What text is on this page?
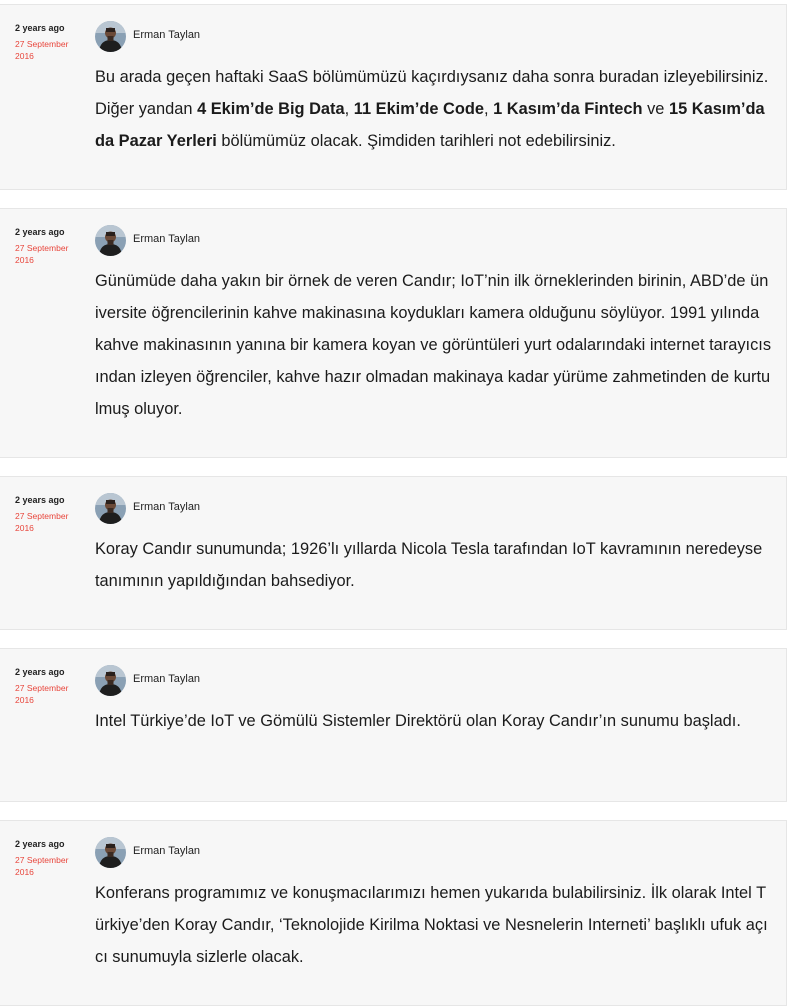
2 years ago
27 September 2016
Erman Taylan
Bu arada geçen haftaki SaaS bölümümüzü kaçırdıysanız daha sonra buradan izleyebilirsiniz. Diğer yandan 4 Ekim’de Big Data, 11 Ekim’de Code, 1 Kasım’da Fintech ve 15 Kasım’da da Pazar Yerleri bölümümüz olacak. Şimdiden tarihleri not edebilirsiniz.
2 years ago
27 September 2016
Erman Taylan
Günümüde daha yakın bir örnek de veren Candır; IoT’nin ilk örneklerinden birinin, ABD’de üniversite öğrencilerinin kahve makinasına koydukları kamera olduğunu söylüyor. 1991 yılında kahve makinasının yanına bir kamera koyan ve görüntüleri yurt odalarındaki internet tarayıcısından izleyen öğrenciler, kahve hazır olmadan makinaya kadar yürüme zahmetinden de kurtulmuş oluyor.
2 years ago
27 September 2016
Erman Taylan
Koray Candır sunumunda; 1926’lı yıllarda Nicola Tesla tarafından IoT kavramının neredeyse tanımının yapıldığından bahsediyor.
2 years ago
27 September 2016
Erman Taylan
Intel Türkiye’de IoT ve Gömülü Sistemler Direktörü olan Koray Candır’ın sunumu başladı.
2 years ago
27 September 2016
Erman Taylan
Konferans programımız ve konuşmacılarımızı hemen yukarıda bulabilirsiniz. İlk olarak Intel Türkiye’den Koray Candır, ‘Teknolojide Kirilma Noktasi ve Nesnelerin Interneti’ başlıklı ufuk açıcı sunumuyla sizlerle olacak.
